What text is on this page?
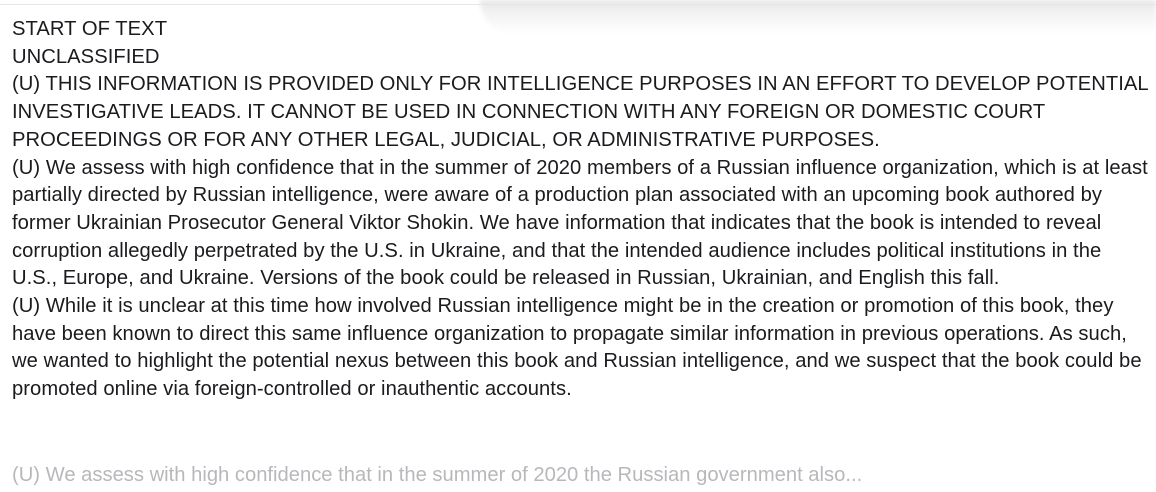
START OF TEXT

UNCLASSIFIED

(U) THIS INFORMATION IS PROVIDED ONLY FOR INTELLIGENCE PURPOSES IN AN EFFORT TO DEVELOP POTENTIAL INVESTIGATIVE LEADS. IT CANNOT BE USED IN CONNECTION WITH ANY FOREIGN OR DOMESTIC COURT PROCEEDINGS OR FOR ANY OTHER LEGAL, JUDICIAL, OR ADMINISTRATIVE PURPOSES.

(U) We assess with high confidence that in the summer of 2020 members of a Russian influence organization, which is at least partially directed by Russian intelligence, were aware of a production plan associated with an upcoming book authored by former Ukrainian Prosecutor General Viktor Shokin. We have information that indicates that the book is intended to reveal corruption allegedly perpetrated by the U.S. in Ukraine, and that the intended audience includes political institutions in the U.S., Europe, and Ukraine. Versions of the book could be released in Russian, Ukrainian, and English this fall.

(U) While it is unclear at this time how involved Russian intelligence might be in the creation or promotion of this book, they have been known to direct this same influence organization to propagate similar information in previous operations. As such, we wanted to highlight the potential nexus between this book and Russian intelligence, and we suspect that the book could be promoted online via foreign-controlled or inauthentic accounts.

(U) We assess with high confidence that in the summer of 2020 the Russian government also...
